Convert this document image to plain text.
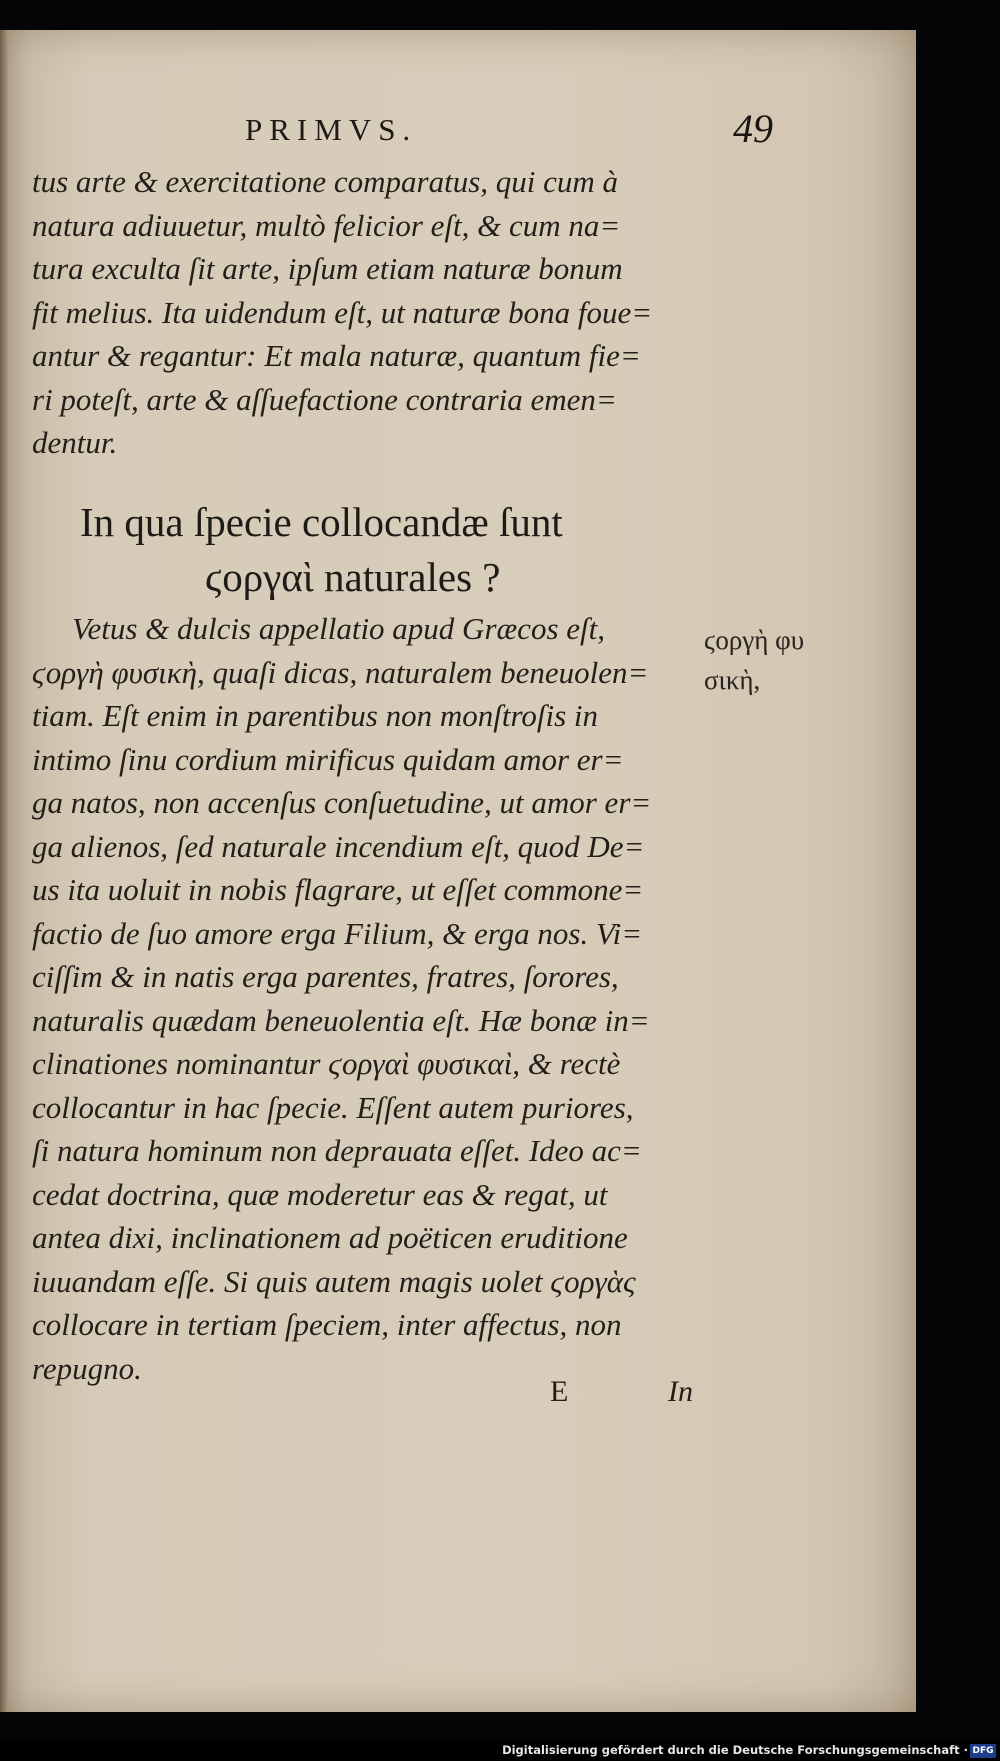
PRIMVS.	49

tus arte & exercitatione comparatus, qui cum à
natura adiuuetur, multò felicior eſt, & cum na=
tura exculta ſit arte, ipſum etiam naturæ bonum
fit melius. Ita uidendum eſt, ut naturæ bona foue=
antur & regantur: Et mala naturæ, quantum fie=
ri poteſt, arte & aſſuefactione contraria emen=
dentur.

In qua ſpecie collocandæ ſunt
ϛοργαὶ naturales ?

Vetus & dulcis appellatio apud Græcos eſt,
ϛοργὴ φυσικὴ, quaſi dicas, naturalem beneuolen=
tiam. Eſt enim in parentibus non monſtroſis in
intimo ſinu cordium mirificus quidam amor er=
ga natos, non accenſus conſuetudine, ut amor er=
ga alienos, ſed naturale incendium eſt, quod De=
us ita uoluit in nobis flagrare, ut eſſet commone=
factio de ſuo amore erga Filium, & erga nos. Vi=
ciſſim & in natis erga parentes, fratres, ſorores,
naturalis quædam beneuolentia eſt. Hæ bonæ in=
clinationes nominantur ϛοργαὶ φυσικαὶ, & rectè
collocantur in hac ſpecie. Eſſent autem puriores,
ſi natura hominum non deprauata eſſet. Ideo ac=
cedat doctrina, quæ moderetur eas & regat, ut
antea dixi, inclinationem ad poëticen eruditione
iuuandam eſſe. Si quis autem magis uolet ϛοργὰς
collocare in tertiam ſpeciem, inter affectus, non
repugno.

ϛοργὴ φυ
σικὴ,
E	In
Digitalisierung gefördert durch die Deutsche Forschungsgemeinschaft · DFG
